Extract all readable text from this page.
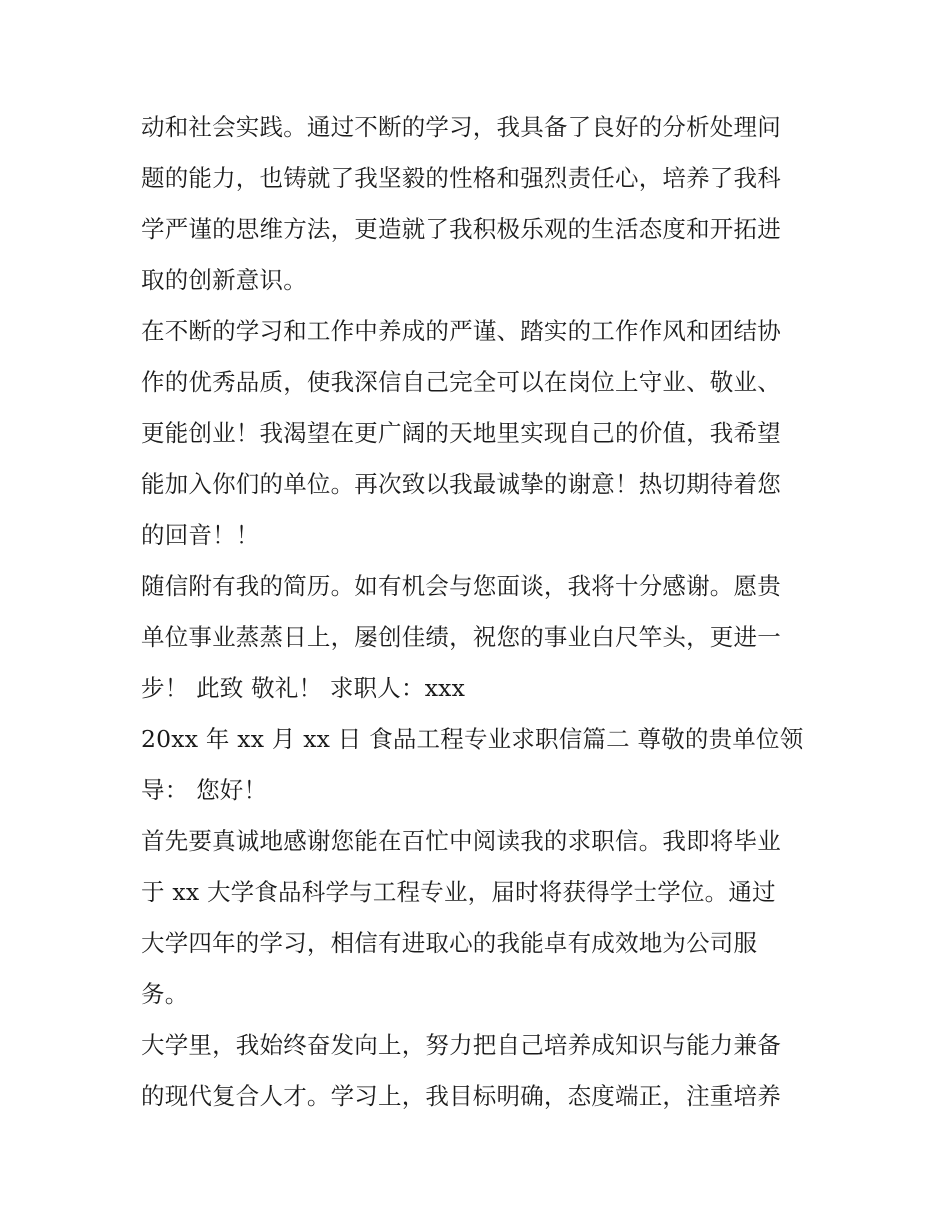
动和社会实践。通过不断的学习，我具备了良好的分析处理问
题的能力，也铸就了我坚毅的性格和强烈责任心，培养了我科
学严谨的思维方法，更造就了我积极乐观的生活态度和开拓进
取的创新意识。
在不断的学习和工作中养成的严谨、踏实的工作作风和团结协
作的优秀品质，使我深信自己完全可以在岗位上守业、敬业、
更能创业！我渴望在更广阔的天地里实现自己的价值，我希望
能加入你们的单位。再次致以我最诚挚的谢意！热切期待着您
的回音！！
随信附有我的简历。如有机会与您面谈，我将十分感谢。愿贵
单位事业蒸蒸日上，屡创佳绩，祝您的事业白尺竿头，更进一
步！ 此致 敬礼！ 求职人：xxx
20xx 年 xx 月 xx 日 食品工程专业求职信篇二 尊敬的贵单位领
导： 您好！
首先要真诚地感谢您能在百忙中阅读我的求职信。我即将毕业
于 xx 大学食品科学与工程专业，届时将获得学士学位。通过
大学四年的学习，相信有进取心的我能卓有成效地为公司服
务。
大学里，我始终奋发向上，努力把自己培养成知识与能力兼备
的现代复合人才。学习上，我目标明确，态度端正，注重培养
